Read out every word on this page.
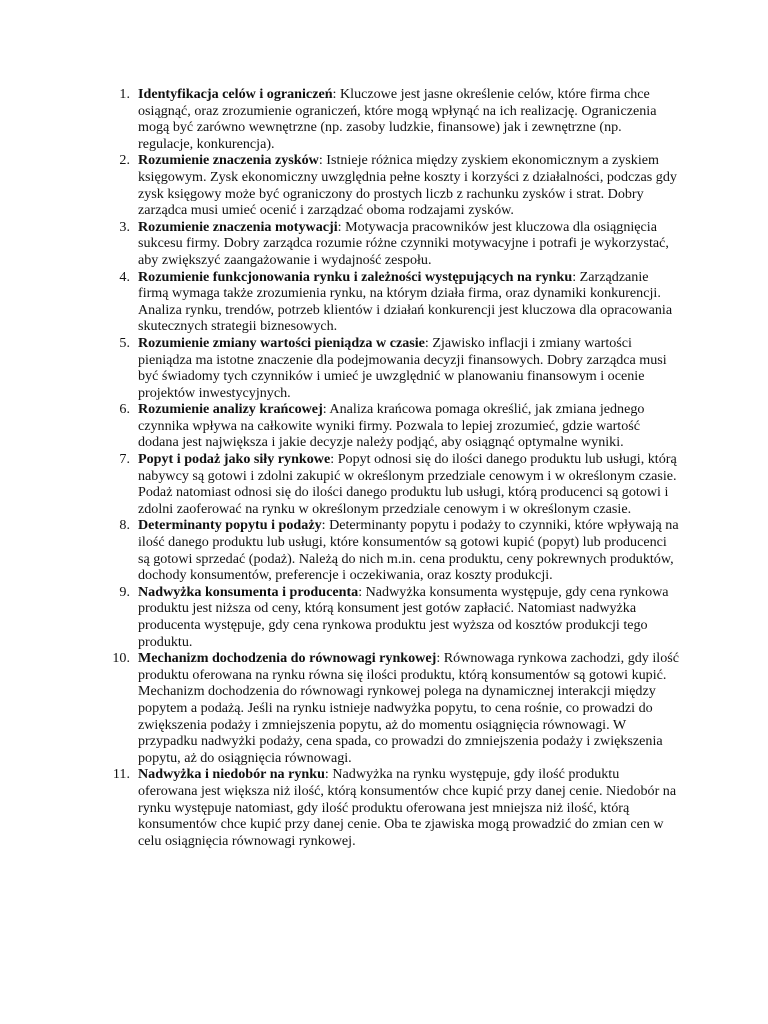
1. Identyfikacja celów i ograniczeń: Kluczowe jest jasne określenie celów, które firma chce osiągnąć, oraz zrozumienie ograniczeń, które mogą wpłynąć na ich realizację. Ograniczenia mogą być zarówno wewnętrzne (np. zasoby ludzkie, finansowe) jak i zewnętrzne (np. regulacje, konkurencja).
2. Rozumienie znaczenia zysków: Istnieje różnica między zyskiem ekonomicznym a zyskiem księgowym. Zysk ekonomiczny uwzględnia pełne koszty i korzyści z działalności, podczas gdy zysk księgowy może być ograniczony do prostych liczb z rachunku zysków i strat. Dobry zarządca musi umieć ocenić i zarządzać oboma rodzajami zysków.
3. Rozumienie znaczenia motywacji: Motywacja pracowników jest kluczowa dla osiągnięcia sukcesu firmy. Dobry zarządca rozumie różne czynniki motywacyjne i potrafi je wykorzystać, aby zwiększyć zaangażowanie i wydajność zespołu.
4. Rozumienie funkcjonowania rynku i zależności występujących na rynku: Zarządzanie firmą wymaga także zrozumienia rynku, na którym działa firma, oraz dynamiki konkurencji. Analiza rynku, trendów, potrzeb klientów i działań konkurencji jest kluczowa dla opracowania skutecznych strategii biznesowych.
5. Rozumienie zmiany wartości pieniądza w czasie: Zjawisko inflacji i zmiany wartości pieniądza ma istotne znaczenie dla podejmowania decyzji finansowych. Dobry zarządca musi być świadomy tych czynników i umieć je uwzględnić w planowaniu finansowym i ocenie projektów inwestycyjnych.
6. Rozumienie analizy krańcowej: Analiza krańcowa pomaga określić, jak zmiana jednego czynnika wpływa na całkowite wyniki firmy. Pozwala to lepiej zrozumieć, gdzie wartość dodana jest największa i jakie decyzje należy podjąć, aby osiągnąć optymalne wyniki.
7. Popyt i podaż jako siły rynkowe: Popyt odnosi się do ilości danego produktu lub usługi, którą nabywcy są gotowi i zdolni zakupić w określonym przedziale cenowym i w określonym czasie. Podaż natomiast odnosi się do ilości danego produktu lub usługi, którą producenci są gotowi i zdolni zaoferować na rynku w określonym przedziale cenowym i w określonym czasie.
8. Determinanty popytu i podaży: Determinanty popytu i podaży to czynniki, które wpływają na ilość danego produktu lub usługi, które konsumentów są gotowi kupić (popyt) lub producenci są gotowi sprzedać (podaż). Należą do nich m.in. cena produktu, ceny pokrewnych produktów, dochody konsumentów, preferencje i oczekiwania, oraz koszty produkcji.
9. Nadwyżka konsumenta i producenta: Nadwyżka konsumenta występuje, gdy cena rynkowa produktu jest niższa od ceny, którą konsument jest gotów zapłacić. Natomiast nadwyżka producenta występuje, gdy cena rynkowa produktu jest wyższa od kosztów produkcji tego produktu.
10. Mechanizm dochodzenia do równowagi rynkowej: Równowaga rynkowa zachodzi, gdy ilość produktu oferowana na rynku równa się ilości produktu, którą konsumentów są gotowi kupić. Mechanizm dochodzenia do równowagi rynkowej polega na dynamicznej interakcji między popytem a podażą. Jeśli na rynku istnieje nadwyżka popytu, to cena rośnie, co prowadzi do zwiększenia podaży i zmniejszenia popytu, aż do momentu osiągnięcia równowagi. W przypadku nadwyżki podaży, cena spada, co prowadzi do zmniejszenia podaży i zwiększenia popytu, aż do osiągnięcia równowagi.
11. Nadwyżka i niedobór na rynku: Nadwyżka na rynku występuje, gdy ilość produktu oferowana jest większa niż ilość, którą konsumentów chce kupić przy danej cenie. Niedobór na rynku występuje natomiast, gdy ilość produktu oferowana jest mniejsza niż ilość, którą konsumentów chce kupić przy danej cenie. Oba te zjawiska mogą prowadzić do zmian cen w celu osiągnięcia równowagi rynkowej.
